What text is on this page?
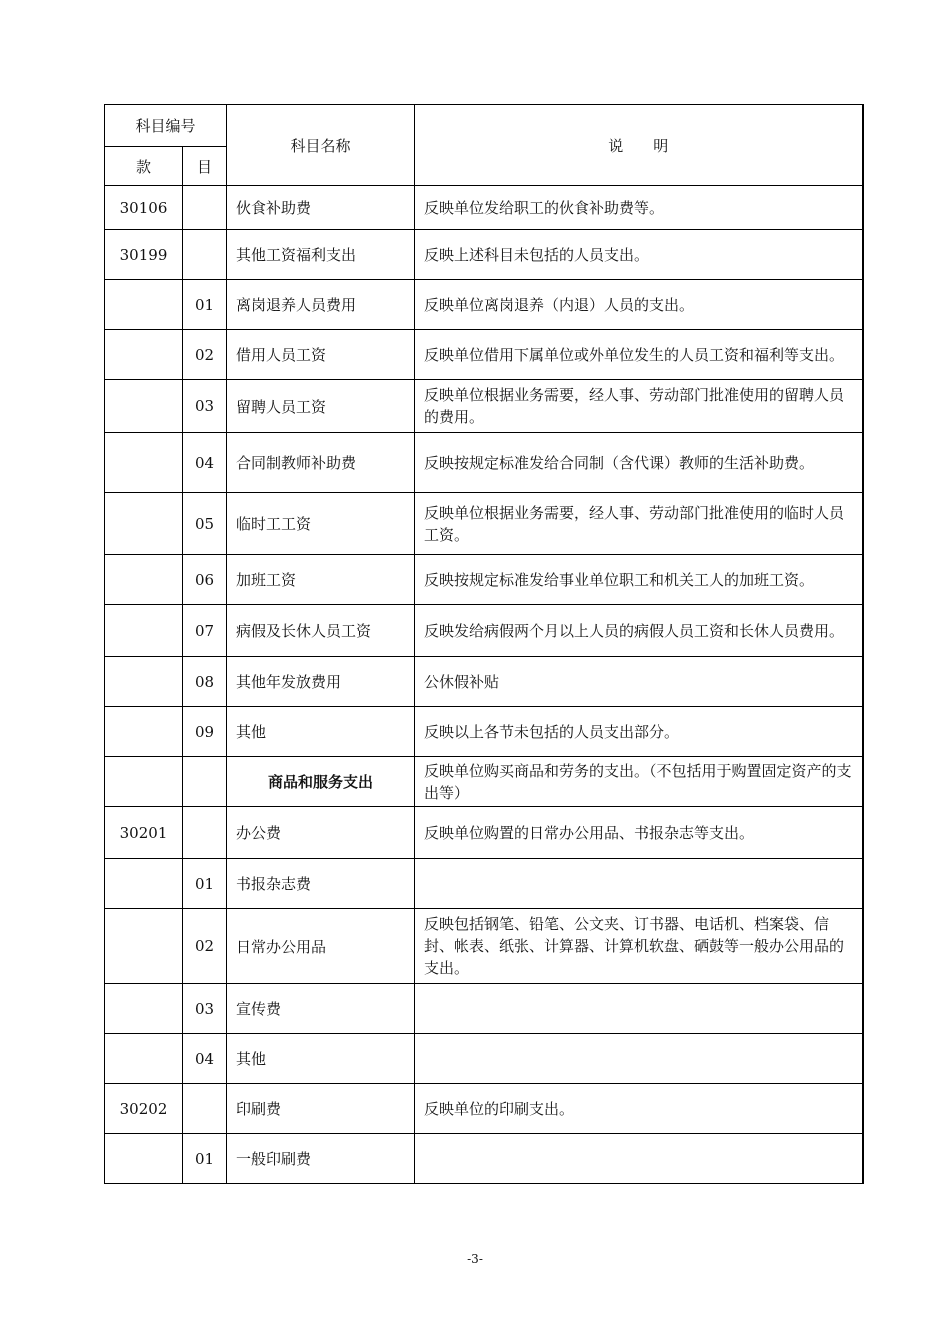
科目编号		科目名称	说　　明
款	目		
30106		伙食补助费	反映单位发给职工的伙食补助费等。
30199		其他工资福利支出	反映上述科目未包括的人员支出。
	01	离岗退养人员费用	反映单位离岗退养（内退）人员的支出。
	02	借用人员工资	反映单位借用下属单位或外单位发生的人员工资和福利等支出。
	03	留聘人员工资	反映单位根据业务需要，经人事、劳动部门批准使用的留聘人员的费用。
	04	合同制教师补助费	反映按规定标准发给合同制（含代课）教师的生活补助费。
	05	临时工工资	反映单位根据业务需要，经人事、劳动部门批准使用的临时人员工资。
	06	加班工资	反映按规定标准发给事业单位职工和机关工人的加班工资。
	07	病假及长休人员工资	反映发给病假两个月以上人员的病假人员工资和长休人员费用。
	08	其他年发放费用	公休假补贴
	09	其他	反映以上各节未包括的人员支出部分。
		商品和服务支出	反映单位购买商品和劳务的支出。（不包括用于购置固定资产的支出等）
30201		办公费	反映单位购置的日常办公用品、书报杂志等支出。
	01	书报杂志费	
	02	日常办公用品	反映包括钢笔、铅笔、公文夹、订书器、电话机、档案袋、信封、帐表、纸张、计算器、计算机软盘、硒鼓等一般办公用品的支出。
	03	宣传费	
	04	其他	
30202		印刷费	反映单位的印刷支出。
	01	一般印刷费	
-3-
